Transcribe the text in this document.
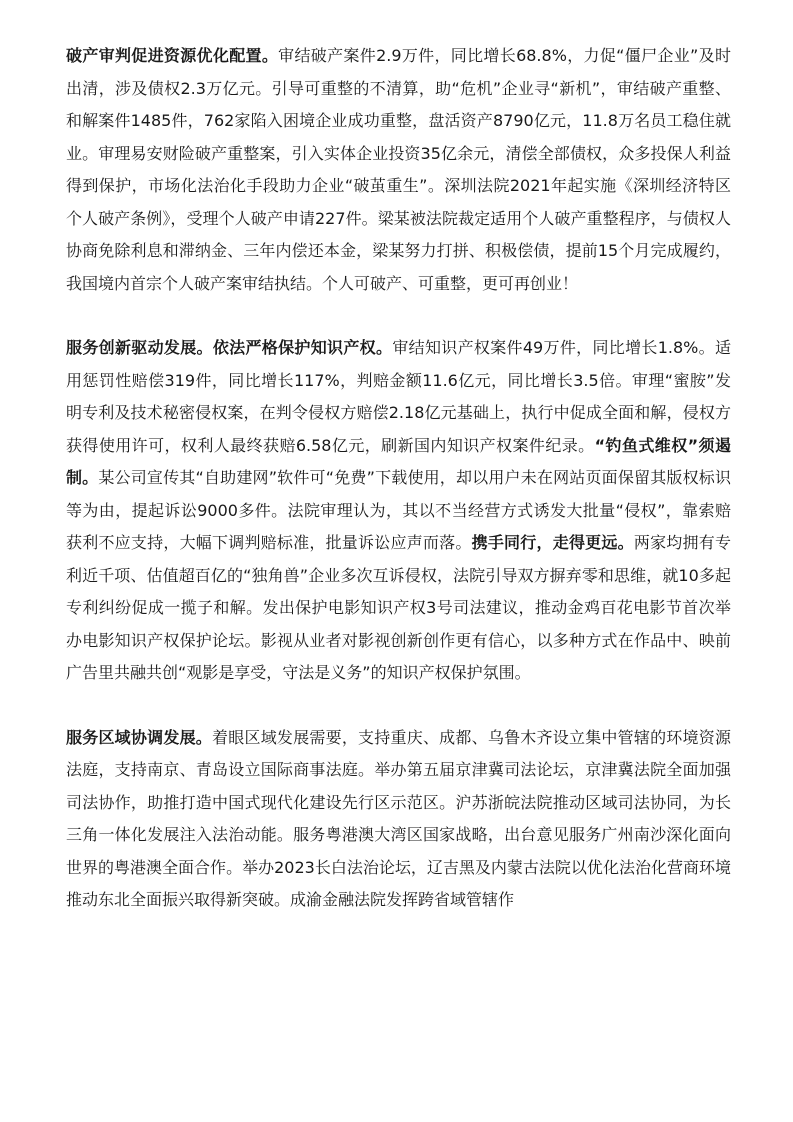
破产审判促进资源优化配置。审结破产案件2.9万件，同比增长68.8%，力促“僵尸企业”及时出清，涉及债权2.3万亿元。引导可重整的不清算，助“危机”企业寻“新机”，审结破产重整、和解案件1485件，762家陷入困境企业成功重整，盘活资产8790亿元，11.8万名员工稳住就业。审理易安财险破产重整案，引入实体企业投资35亿余元，清偿全部债权，众多投保人利益得到保护，市场化法治化手段助力企业“破茧重生”。深圳法院2021年起实施《深圳经济特区个人破产条例》，受理个人破产申请227件。梁某被法院裁定适用个人破产重整程序，与债权人协商免除利息和滞纳金、三年内偿还本金，梁某努力打拼、积极偿债，提前15个月完成履约，我国境内首宗个人破产案审结执结。个人可破产、可重整，更可再创业！

服务创新驱动发展。依法严格保护知识产权。审结知识产权案件49万件，同比增长1.8%。适用惩罚性赔偿319件，同比增长117%，判赔金额11.6亿元，同比增长3.5倍。审理“蜜胺”发明专利及技术秘密侵权案，在判令侵权方赔偿2.18亿元基础上，执行中促成全面和解，侵权方获得使用许可，权利人最终获赔6.58亿元，刷新国内知识产权案件纪录。“钓鱼式维权”须遏制。某公司宣传其“自助建网”软件可“免费”下载使用，却以用户未在网站页面保留其版权标识等为由，提起诉讼9000多件。法院审理认为，其以不当经营方式诱发大批量“侵权”，靠索赔获利不应支持，大幅下调判赔标准，批量诉讼应声而落。携手同行，走得更远。两家均拥有专利近千项、估值超百亿的“独角兽”企业多次互诉侵权，法院引导双方摒弃零和思维，就10多起专利纠纷促成一揽子和解。发出保护电影知识产权3号司法建议，推动金鸡百花电影节首次举办电影知识产权保护论坛。影视从业者对影视创新创作更有信心，以多种方式在作品中、映前广告里共融共创“观影是享受，守法是义务”的知识产权保护氛围。

服务区域协调发展。着眼区域发展需要，支持重庆、成都、乌鲁木齐设立集中管辖的环境资源法庭，支持南京、青岛设立国际商事法庭。举办第五届京津冀司法论坛，京津冀法院全面加强司法协作，助推打造中国式现代化建设先行区示范区。沪苏浙皖法院推动区域司法协同，为长三角一体化发展注入法治动能。服务粤港澳大湾区国家战略，出台意见服务广州南沙深化面向世界的粤港澳全面合作。举办2023长白法治论坛，辽吉黑及内蒙古法院以优化法治化营商环境推动东北全面振兴取得新突破。成渝金融法院发挥跨省域管辖作
